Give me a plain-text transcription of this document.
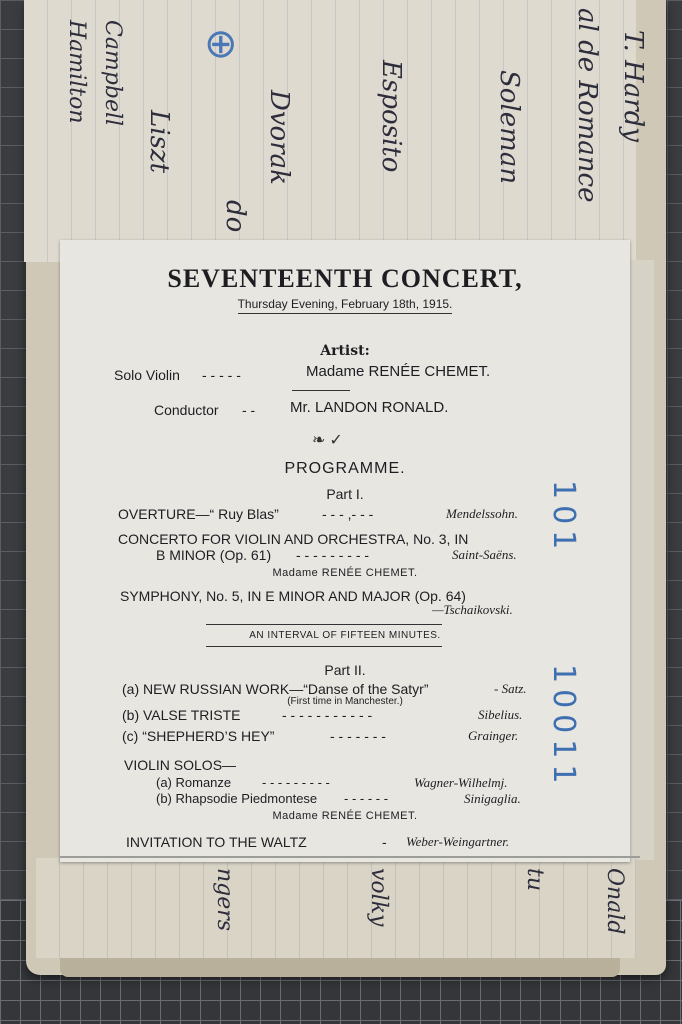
T. Hardy
al de Romance
Soleman
Esposito
Dvorak
do
Liszt
Campbell
Hamilton	⊕
Onald
tu
volky
ngers
SEVENTEENTH CONCERT,
Thursday Evening, February 18th, 1915.
Artist:
Solo Violin - - - - -	Madame RENÉE CHEMET.
Conductor - - Mr. LANDON RONALD.
❧ ✓
PROGRAMME.
Part I.
OVERTURE—“ Ruy Blas”	- - - ,- - -	Mendelssohn.
CONCERTO FOR VIOLIN AND ORCHESTRA, No. 3, IN
B MINOR (Op. 61) - - - - - - - - -	Saint-Saëns.
Madame RENÉE CHEMET.
SYMPHONY, No. 5, IN E MINOR AND MAJOR (Op. 64)
—Tschaikovski.
AN INTERVAL OF FIFTEEN MINUTES.
Part II.
(a) NEW RUSSIAN WORK—“Danse of the Satyr”	- Satz.
(First time in Manchester.)
(b) VALSE TRISTE	- - - - - - - - - - -	Sibelius.
(c) “SHEPHERD’S HEY”	- - - - - - -	Grainger.
VIOLIN SOLOS—
(a) Romanze - - - - - - - - -	Wagner-Wilhelmj.
(b) Rhapsodie Piedmontese - - - - - -	Sinigaglia.
Madame RENÉE CHEMET.
INVITATION TO THE WALTZ	- Weber-Weingartner.
101
10011
